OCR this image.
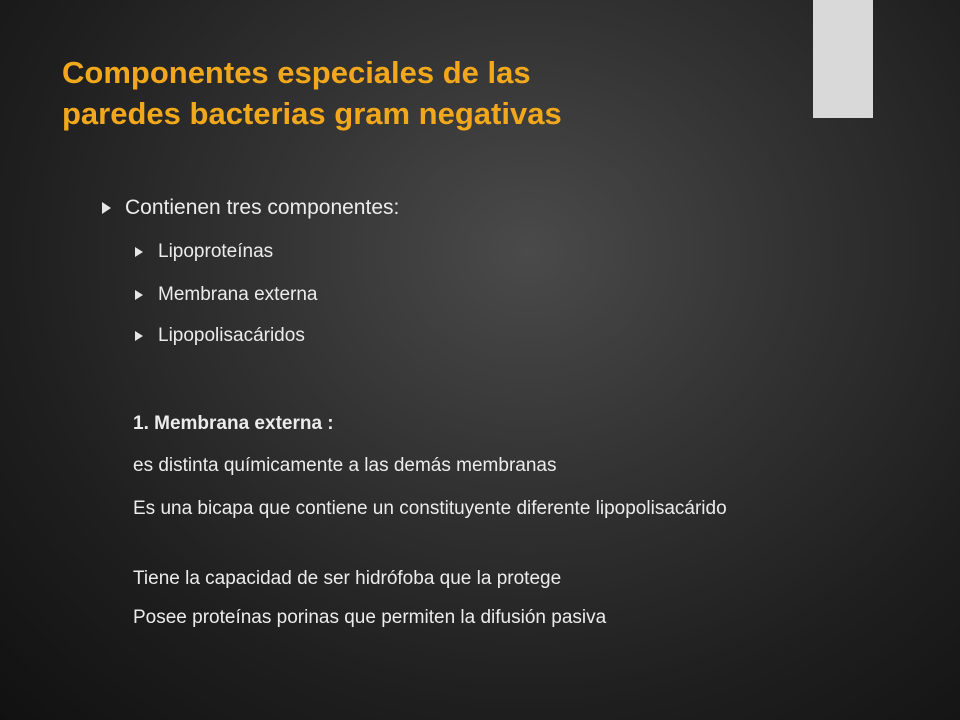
Componentes especiales de las
paredes bacterias gram negativas
Contienen tres componentes:
Lipoproteínas
Membrana externa
Lipopolisacáridos

1. Membrana externa :

es distinta químicamente a las demás membranas

Es una bicapa que contiene un constituyente diferente lipopolisacárido

Tiene la capacidad de ser hidrófoba que la protege

Posee proteínas porinas que permiten la difusión pasiva
